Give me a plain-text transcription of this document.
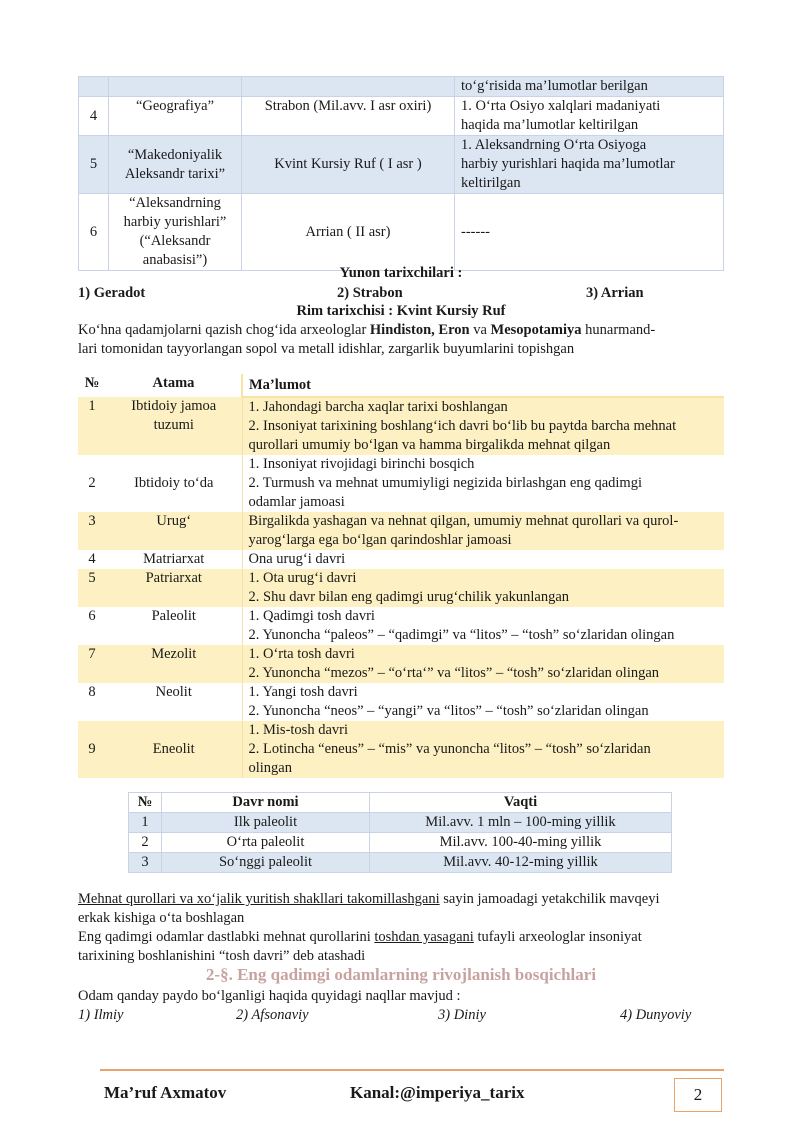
			to‘g‘risida ma’lumotlar berilgan
4	“Geografiya”	Strabon (Mil.avv. I asr oxiri)	1. O‘rta Osiyo xalqlari madaniyati
haqida ma’lumotlar keltirilgan

5	“Makedoniyalik Aleksandr tarixi”	Kvint Kursiy Ruf ( I asr )	1. Aleksandrning O‘rta Osiyoga
harbiy yurishlari haqida ma’lumotlar
keltirilgan

6	“Aleksandrning harbiy yurishlari” (“Aleksandr anabasisi”)	Arrian ( II asr)	------
Yunon tarixchilari :
1) Geradot	2) Strabon	3) Arrian
Rim tarixchisi : Kvint Kursiy Ruf
Ko‘hna qadamjolarni qazish chog‘ida arxeologlar Hindiston, Eron va Mesopotamiya hunarmand-
lari tomonidan tayyorlangan sopol va metall idishlar, zargarlik buyumlarini topishgan
№	Atama	Ma’lumot
1	Ibtidoiy jamoa tuzumi	1. Jahondagi barcha xaqlar tarixi boshlangan
2. Insoniyat tarixining boshlang‘ich davri bo‘lib bu paytda barcha mehnat
qurollari umumiy bo‘lgan va hamma birgalikda mehnat qilgan

2	Ibtidoiy to‘da	1. Insoniyat rivojidagi birinchi bosqich
2. Turmush va mehnat umumiyligi negizida birlashgan eng qadimgi
odamlar jamoasi

3	Urug‘	Birgalikda yashagan va nehnat qilgan, umumiy mehnat qurollari va qurol-
yarog‘larga ega bo‘lgan qarindoshlar jamoasi

4	Matriarxat	Ona urug‘i davri

5	Patriarxat	1. Ota urug‘i davri
2. Shu davr bilan eng qadimgi urug‘chilik yakunlangan

6	Paleolit	1. Qadimgi tosh davri
2. Yunoncha “paleos” – “qadimgi” va “litos” – “tosh” so‘zlaridan olingan

7	Mezolit	1. O‘rta tosh davri
2. Yunoncha “mezos” – “o‘rta‘” va “litos” – “tosh” so‘zlaridan olingan

8	Neolit	1. Yangi tosh davri
2. Yunoncha “neos” – “yangi” va “litos” – “tosh” so‘zlaridan olingan

9	Eneolit	1. Mis-tosh davri
2. Lotincha “eneus” – “mis” va yunoncha “litos” – “tosh” so‘zlaridan
olingan
№	Davr nomi	Vaqti
1	Ilk paleolit	Mil.avv. 1 mln – 100-ming yillik
2	O‘rta paleolit	Mil.avv. 100-40-ming yillik
3	So‘nggi paleolit	Mil.avv. 40-12-ming yillik
Mehnat qurollari va xo‘jalik yuritish shakllari takomillashgani sayin jamoadagi yetakchilik mavqeyi
erkak kishiga o‘ta boshlagan
Eng qadimgi odamlar dastlabki mehnat qurollarini toshdan yasagani tufayli arxeologlar insoniyat
tarixining boshlanishini “tosh davri” deb atashadi
2-§. Eng qadimgi odamlarning rivojlanish bosqichlari
Odam qanday paydo bo‘lganligi haqida quyidagi naqllar mavjud :
1) Ilmiy	2) Afsonaviy	3) Diniy	4) Dunyoviy
Ma’ruf Axmatov	Kanal:@imperiya_tarix	2
